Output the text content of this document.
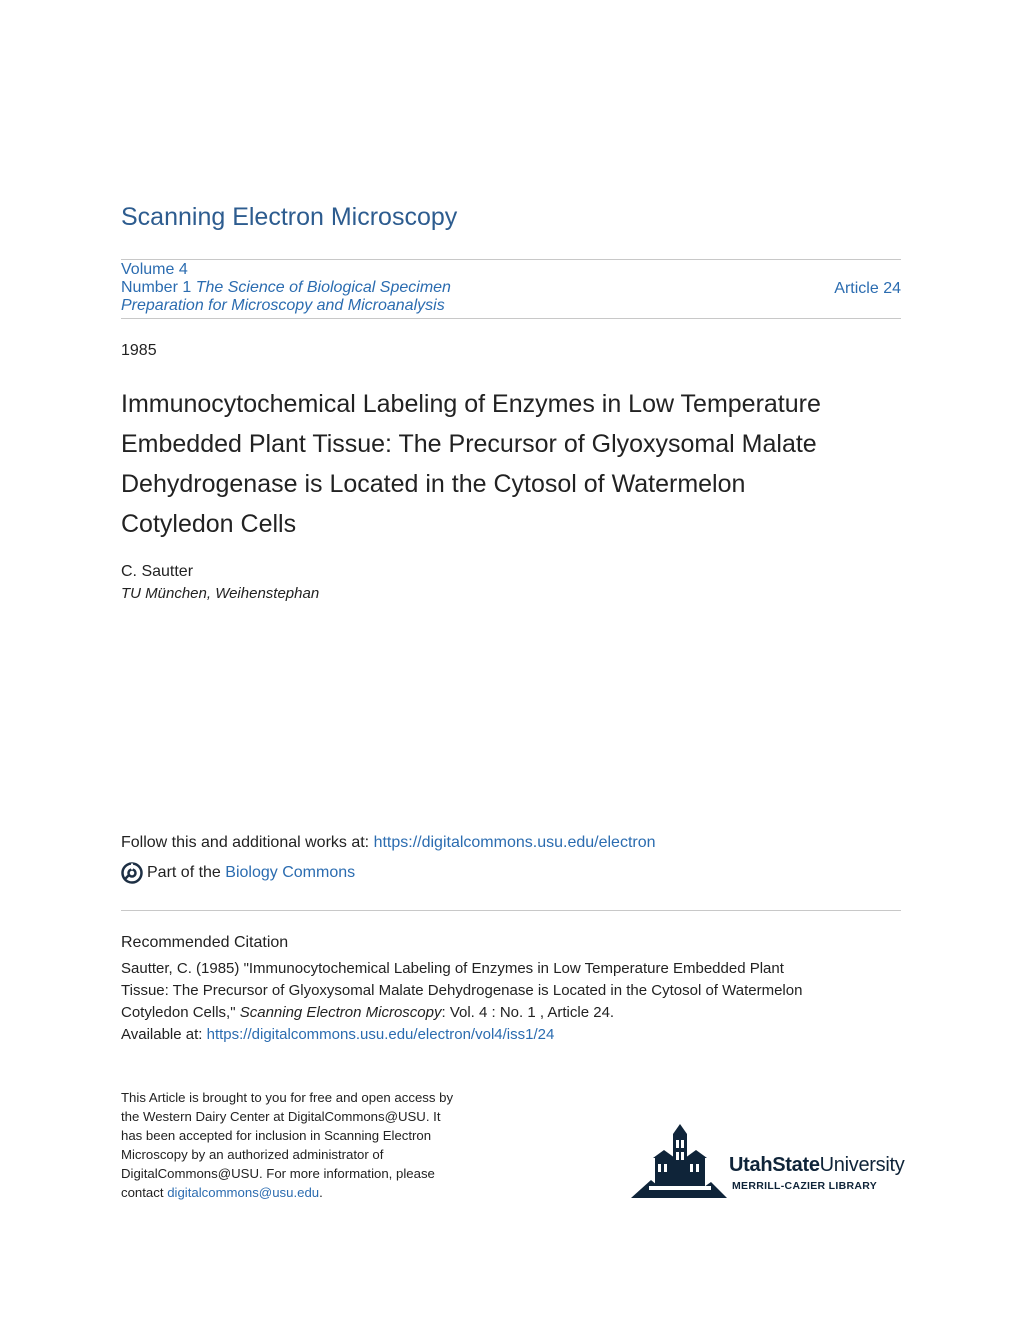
Scanning Electron Microscopy
Volume 4
Number 1 The Science of Biological Specimen
Preparation for Microscopy and Microanalysis
Article 24
1985
Immunocytochemical Labeling of Enzymes in Low Temperature
Embedded Plant Tissue: The Precursor of Glyoxysomal Malate
Dehydrogenase is Located in the Cytosol of Watermelon
Cotyledon Cells
C. Sautter
TU München, Weihenstephan
Follow this and additional works at: https://digitalcommons.usu.edu/electron
Part of the
Biology Commons
Recommended Citation
Sautter, C. (1985) "Immunocytochemical Labeling of Enzymes in Low Temperature Embedded Plant
Tissue: The Precursor of Glyoxysomal Malate Dehydrogenase is Located in the Cytosol of Watermelon
Cotyledon Cells," Scanning Electron Microscopy: Vol. 4 : No. 1 , Article 24.
Available at: https://digitalcommons.usu.edu/electron/vol4/iss1/24
This Article is brought to you for free and open access by
the Western Dairy Center at DigitalCommons@USU. It
has been accepted for inclusion in Scanning Electron
Microscopy by an authorized administrator of
DigitalCommons@USU. For more information, please
contact digitalcommons@usu.edu.
UtahStateUniversity
MERRILL-CAZIER LIBRARY
